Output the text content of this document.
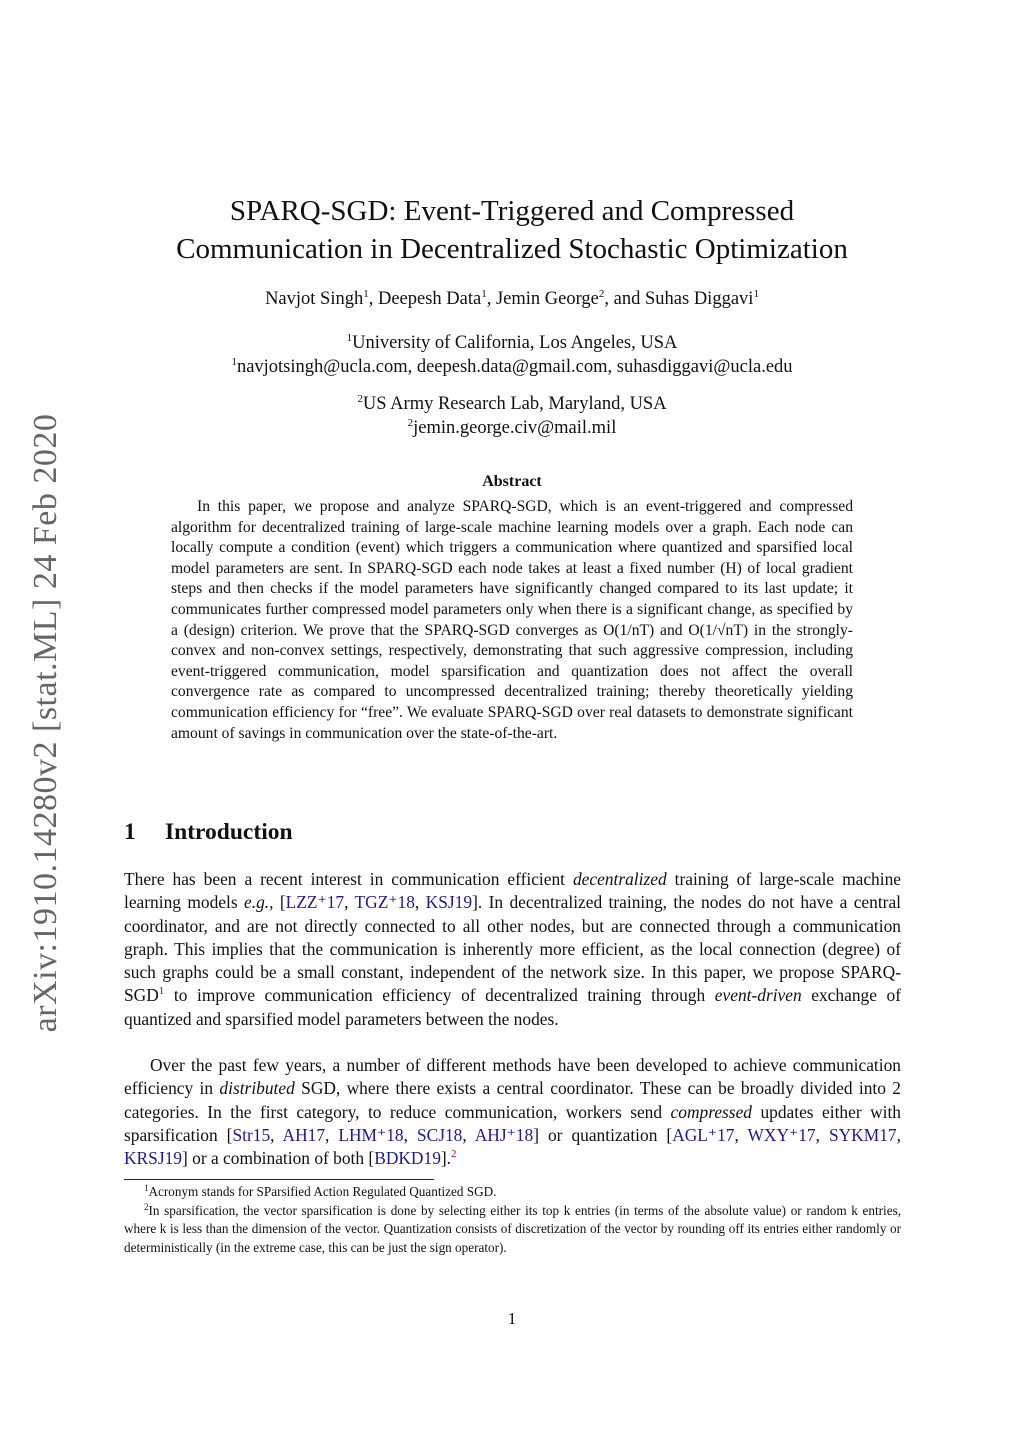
arXiv:1910.14280v2 [stat.ML] 24 Feb 2020
SPARQ-SGD: Event-Triggered and Compressed
Communication in Decentralized Stochastic Optimization
Navjot Singh$^1$, Deepesh Data$^1$, Jemin George$^2$, and Suhas Diggavi$^1$
$^1$University of California, Los Angeles, USA
$^1$navjotsingh@ucla.com, deepesh.data@gmail.com, suhasdiggavi@ucla.edu
$^2$US Army Research Lab, Maryland, USA
$^2$jemin.george.civ@mail.mil
Abstract
In this paper, we propose and analyze SPARQ-SGD, which is an event-triggered and compressed algorithm for decentralized training of large-scale machine learning models over a graph. Each node can locally compute a condition (event) which triggers a communication where quantized and sparsified local model parameters are sent. In SPARQ-SGD each node takes at least a fixed number (H) of local gradient steps and then checks if the model parameters have significantly changed compared to its last update; it communicates further compressed model parameters only when there is a significant change, as specified by a (design) criterion. We prove that the SPARQ-SGD converges as O(1/nT) and O(1/√nT) in the strongly-convex and non-convex settings, respectively, demonstrating that such aggressive compression, including event-triggered communication, model sparsification and quantization does not affect the overall convergence rate as compared to uncompressed decentralized training; thereby theoretically yielding communication efficiency for “free”. We evaluate SPARQ-SGD over real datasets to demonstrate significant amount of savings in communication over the state-of-the-art.
1 Introduction
There has been a recent interest in communication efficient decentralized training of large-scale machine learning models e.g., [LZZ⁺17, TGZ⁺18, KSJ19]. In decentralized training, the nodes do not have a central coordinator, and are not directly connected to all other nodes, but are connected through a communication graph. This implies that the communication is inherently more efficient, as the local connection (degree) of such graphs could be a small constant, independent of the network size. In this paper, we propose SPARQ-SGD$^1$ to improve communication efficiency of decentralized training through event-driven exchange of quantized and sparsified model parameters between the nodes.
Over the past few years, a number of different methods have been developed to achieve communication efficiency in distributed SGD, where there exists a central coordinator. These can be broadly divided into 2 categories. In the first category, to reduce communication, workers send compressed updates either with sparsification [Str15, AH17, LHM⁺18, SCJ18, AHJ⁺18] or quantization [AGL⁺17, WXY⁺17, SYKM17, KRSJ19] or a combination of both [BDKD19].$^2$

$^1$Acronym stands for SParsified Action Regulated Quantized SGD.

$^2$In sparsification, the vector sparsification is done by selecting either its top k entries (in terms of the absolute value) or random k entries, where k is less than the dimension of the vector. Quantization consists of discretization of the vector by rounding off its entries either randomly or deterministically (in the extreme case, this can be just the sign operator).

1
